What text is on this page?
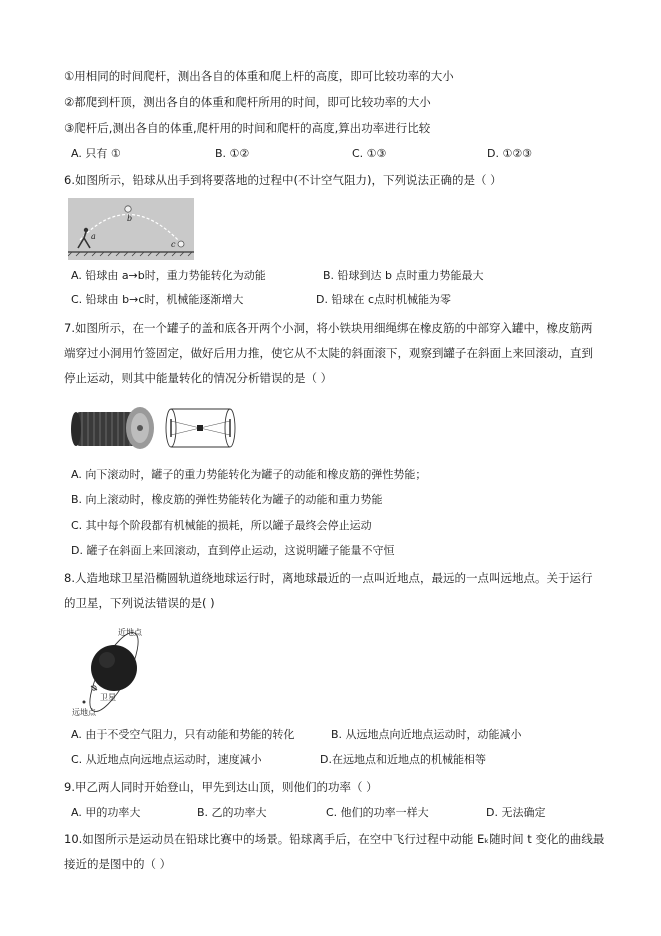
①用相同的时间爬杆，测出各自的体重和爬上杆的高度，即可比较功率的大小
②都爬到杆顶，测出各自的体重和爬杆所用的时间，即可比较功率的大小
③爬杆后,测出各自的体重,爬杆用的时间和爬杆的高度,算出功率进行比较
A. 只有 ①	B. ①②	C. ①③	D. ①②③
6.如图所示，铅球从出手到将要落地的过程中(不计空气阻力)，下列说法正确的是（ ）
a
b
c
A. 铅球由 a→b时，重力势能转化为动能	B. 铅球到达 b 点时重力势能最大
C. 铅球由 b→c时，机械能逐渐增大	D. 铅球在 c点时机械能为零
7.如图所示，在一个罐子的盖和底各开两个小洞，将小铁块用细绳绑在橡皮筋的中部穿入罐中，橡皮筋两
端穿过小洞用竹签固定，做好后用力推，使它从不太陡的斜面滚下，观察到罐子在斜面上来回滚动，直到
停止运动，则其中能量转化的情况分析错误的是（ ）
A. 向下滚动时，罐子的重力势能转化为罐子的动能和橡皮筋的弹性势能；
B. 向上滚动时，橡皮筋的弹性势能转化为罐子的动能和重力势能
C. 其中每个阶段都有机械能的损耗，所以罐子最终会停止运动
D. 罐子在斜面上来回滚动，直到停止运动，这说明罐子能量不守恒
8.人造地球卫星沿椭圆轨道绕地球运行时，离地球最近的一点叫近地点，最远的一点叫远地点。关于运行
的卫星，下列说法错误的是( )
近地点
卫星
远地点
A. 由于不受空气阻力，只有动能和势能的转化	B. 从远地点向近地点运动时，动能减小
C. 从近地点向远地点运动时，速度减小	D.在远地点和近地点的机械能相等
9.甲乙两人同时开始登山，甲先到达山顶，则他们的功率（ ）
A. 甲的功率大	B. 乙的功率大	C. 他们的功率一样大	D. 无法确定
10.如图所示是运动员在铅球比赛中的场景。铅球离手后，在空中飞行过程中动能 Eₖ随时间 t 变化的曲线最
接近的是图中的（ ）
